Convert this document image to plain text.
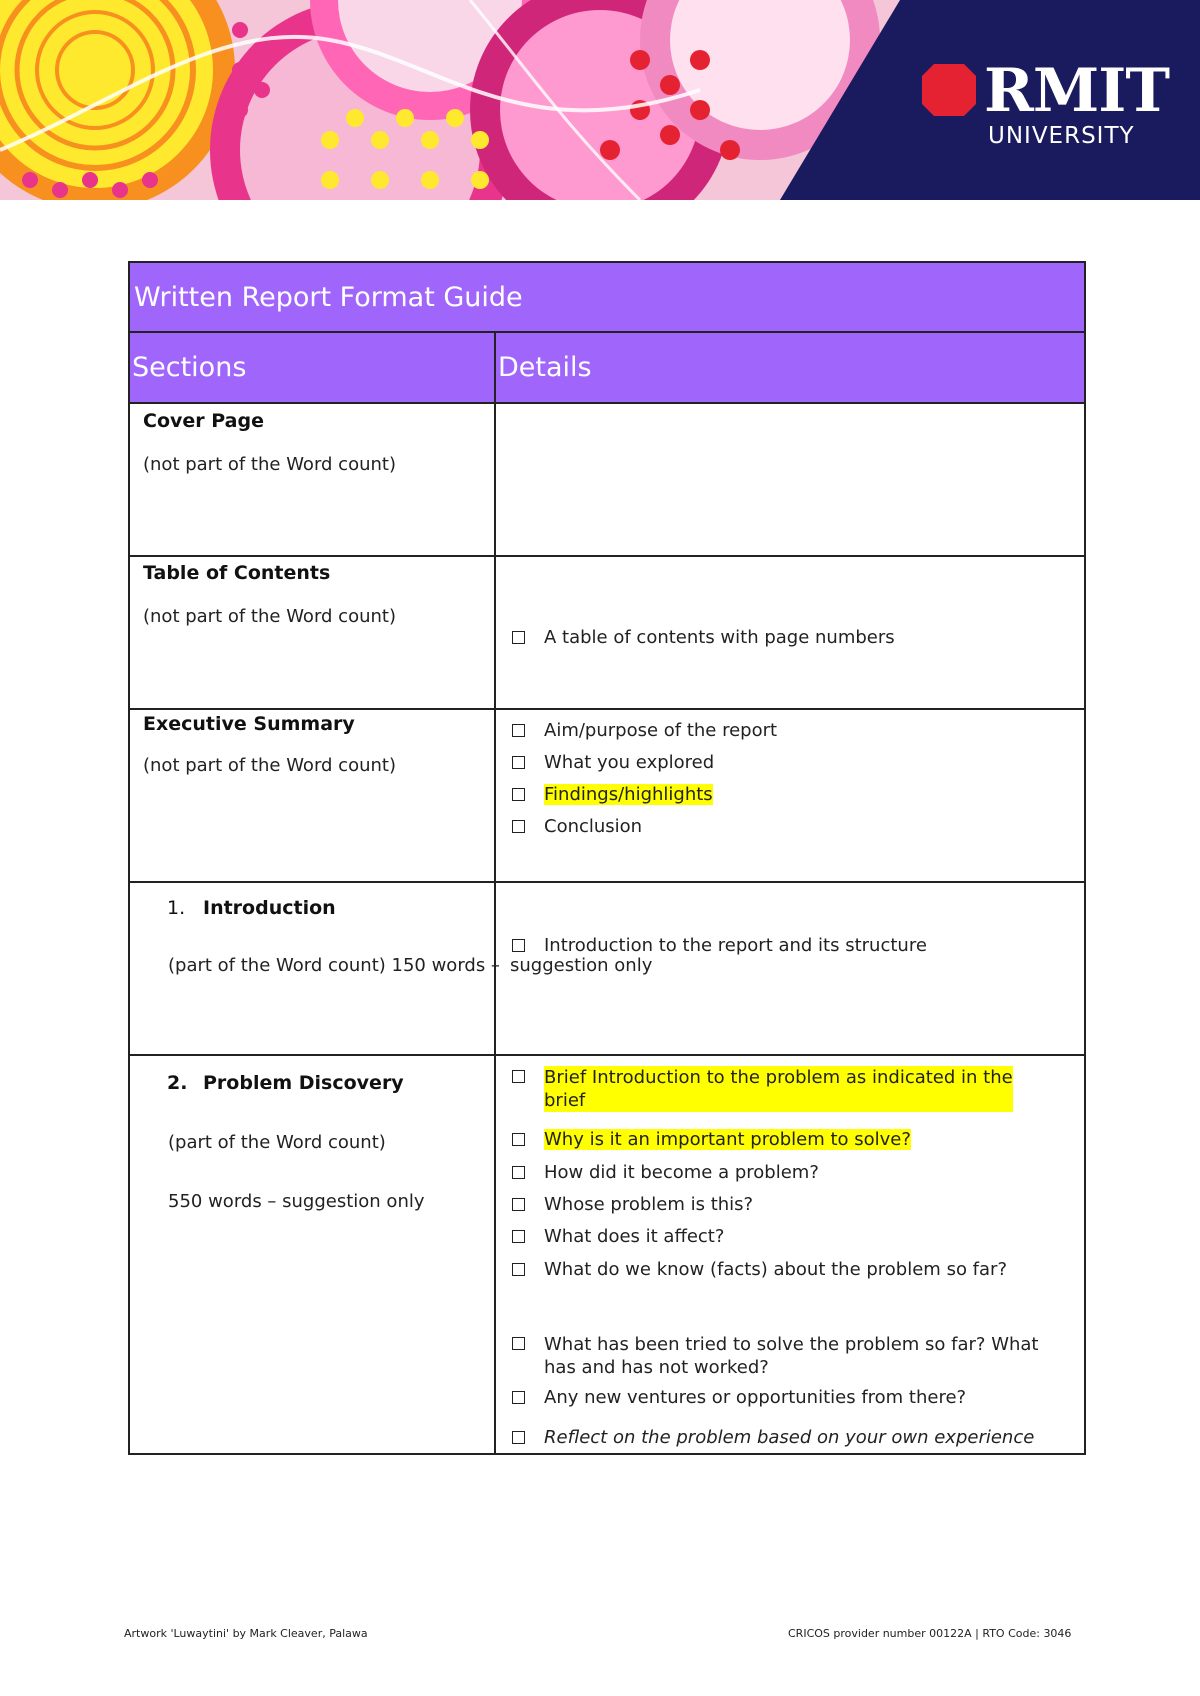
RMIT
UNIVERSITY
Written Report Format Guide
Sections	Details
Cover Page
(not part of the Word count)
Table of Contents
(not part of the Word count)
A table of contents with page numbers
Executive Summary
(not part of the Word count)
Aim/purpose of the report
What you explored
Findings/highlights
Conclusion
1. Introduction
(part of the Word count) 150 words –
Introduction to the report and its structure
suggestion only
2. Problem Discovery
(part of the Word count)
550 words – suggestion only
Brief Introduction to the problem as indicated in the
brief
Why is it an important problem to solve?
How did it become a problem?
Whose problem is this?
What does it affect?
What do we know (facts) about the problem so far?
What has been tried to solve the problem so far? What
has and has not worked?
Any new ventures or opportunities from there?
Reflect on the problem based on your own experience
Artwork 'Luwaytini' by Mark Cleaver, Palawa	CRICOS provider number 00122A | RTO Code: 3046
